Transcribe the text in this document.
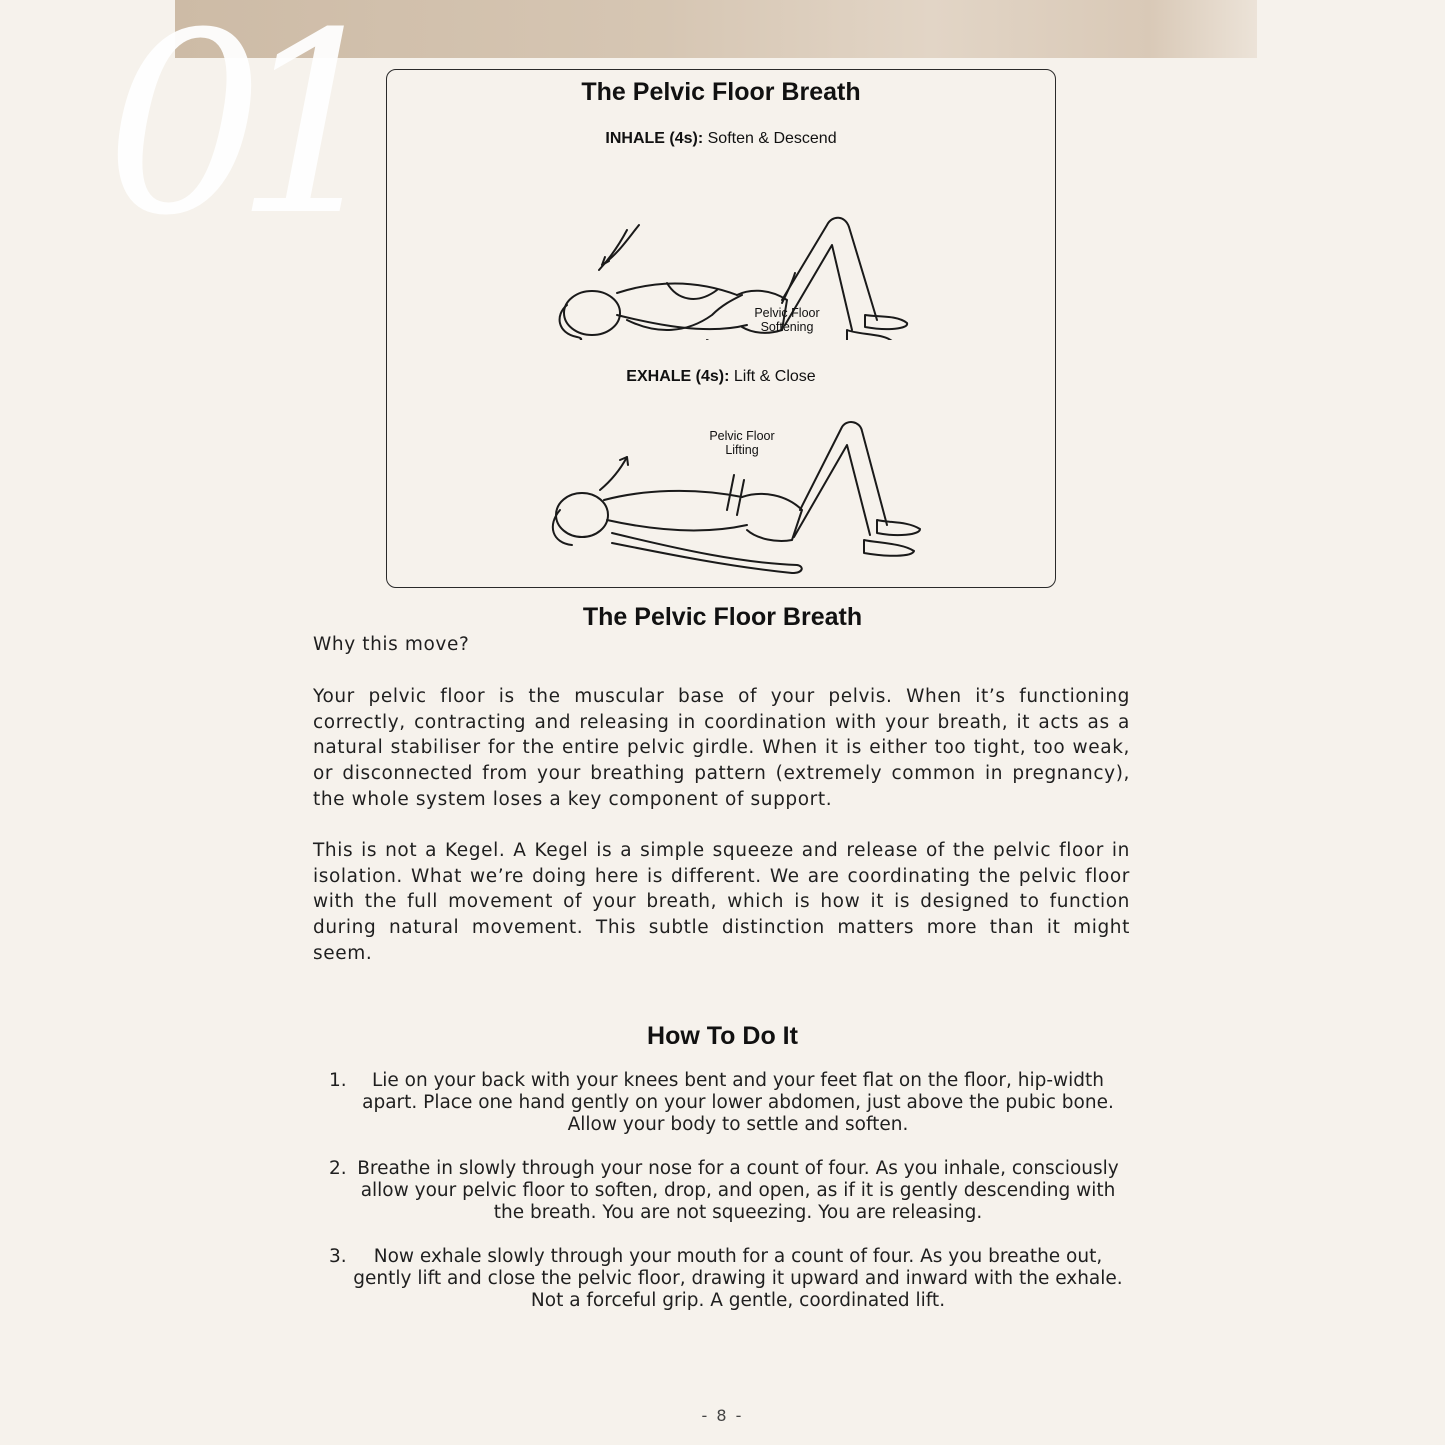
01	The Pelvic Floor Breath
INHALE (4s): Soften & Descend
Pelvic Floor
Softening
EXHALE (4s): Lift & Close
Pelvic Floor
Lifting
The Pelvic Floor Breath
Why this move?
Your pelvic floor is the muscular base of your pelvis. When it’s functioning correctly, contracting and releasing in coordination with your breath, it acts as a natural stabiliser for the entire pelvic girdle. When it is either too tight, too weak, or disconnected from your breathing pattern (extremely common in pregnancy), the whole system loses a key component of support.
This is not a Kegel. A Kegel is a simple squeeze and release of the pelvic floor in isolation. What we’re doing here is different. We are coordinating the pelvic floor with the full movement of your breath, which is how it is designed to function during natural movement. This subtle distinction matters more than it might seem.
How To Do It
1.	Lie on your back with your knees bent and your feet flat on the floor, hip-width apart. Place one hand gently on your lower abdomen, just above the pubic bone. Allow your body to settle and soften.
2. Breathe in slowly through your nose for a count of four. As you inhale, consciously allow your pelvic floor to soften, drop, and open, as if it is gently descending with the breath. You are not squeezing. You are releasing.
3.	Now exhale slowly through your mouth for a count of four. As you breathe out, gently lift and close the pelvic floor, drawing it upward and inward with the exhale. Not a forceful grip. A gentle, coordinated lift.
- 8 -
